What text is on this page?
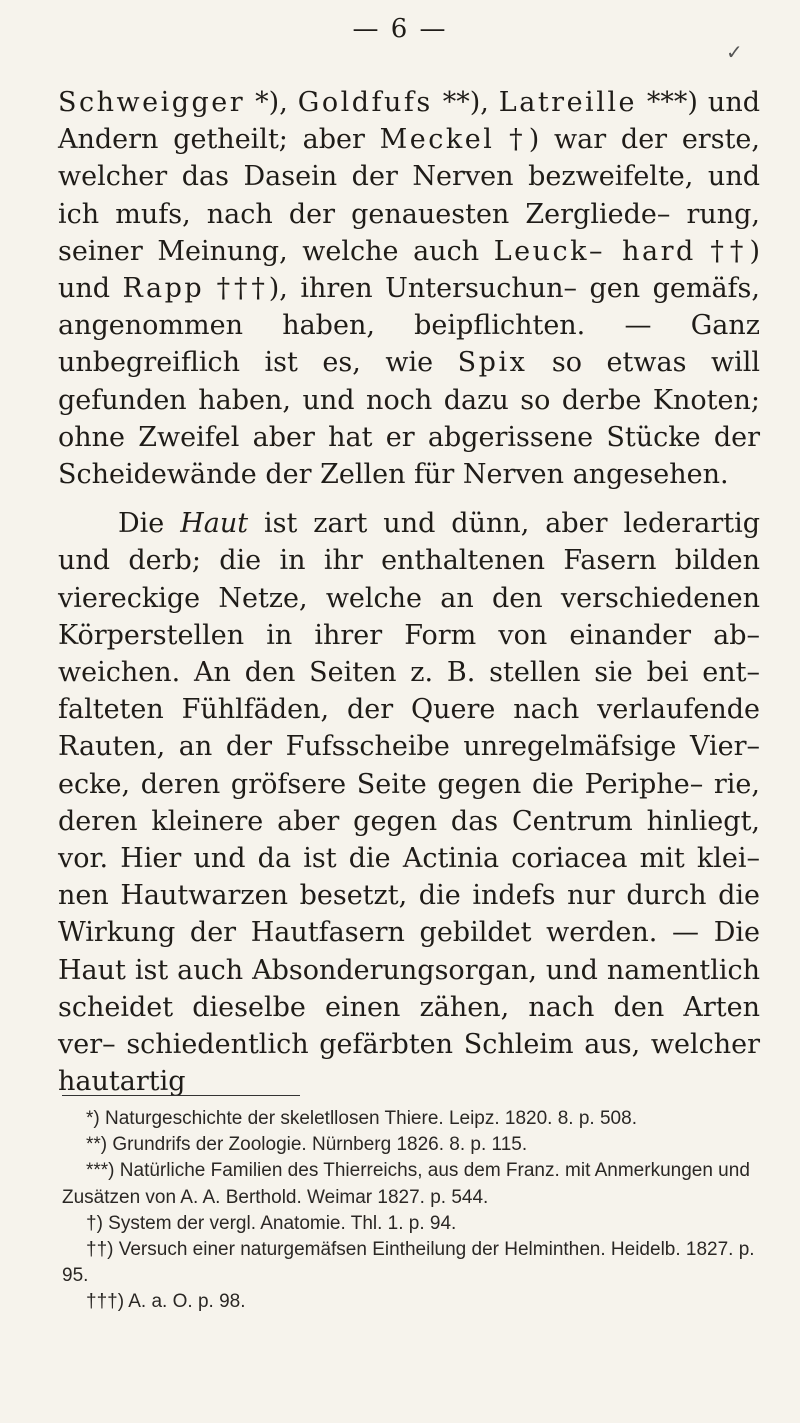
— 6 —
✓

Schweigger *), Goldfufs **), Latreille ***) und Andern getheilt; aber Meckel †) war der erste, welcher das Dasein der Nerven bezweifelte, und ich mufs, nach der genauesten Zergliede– rung, seiner Meinung, welche auch Leuck– hard ††) und Rapp †††), ihren Untersuchun– gen gemäfs, angenommen haben, beipflichten. — Ganz unbegreiflich ist es, wie Spix so etwas will gefunden haben, und noch dazu so derbe Knoten; ohne Zweifel aber hat er abgerissene Stücke der Scheidewände der Zellen für Nerven angesehen.

Die Haut ist zart und dünn, aber lederartig und derb; die in ihr enthaltenen Fasern bilden viereckige Netze, welche an den verschiedenen Körperstellen in ihrer Form von einander ab– weichen. An den Seiten z. B. stellen sie bei ent– falteten Fühlfäden, der Quere nach verlaufende Rauten, an der Fufsscheibe unregelmäfsige Vier– ecke, deren gröfsere Seite gegen die Periphe– rie, deren kleinere aber gegen das Centrum hinliegt, vor. Hier und da ist die Actinia coriacea mit klei– nen Hautwarzen besetzt, die indefs nur durch die Wirkung der Hautfasern gebildet werden. — Die Haut ist auch Absonderungsorgan, und namentlich scheidet dieselbe einen zähen, nach den Arten ver– schiedentlich gefärbten Schleim aus, welcher hautartig

*) Naturgeschichte der skeletllosen Thiere. Leipz. 1820. 8. p. 508.

**) Grundrifs der Zoologie. Nürnberg 1826. 8. p. 115.

***) Natürliche Familien des Thierreichs, aus dem Franz. mit Anmerkungen und Zusätzen von A. A. Berthold. Weimar 1827. p. 544.

†) System der vergl. Anatomie. Thl. 1. p. 94.

††) Versuch einer naturgemäfsen Eintheilung der Helminthen. Heidelb. 1827. p. 95.

†††) A. a. O. p. 98.
